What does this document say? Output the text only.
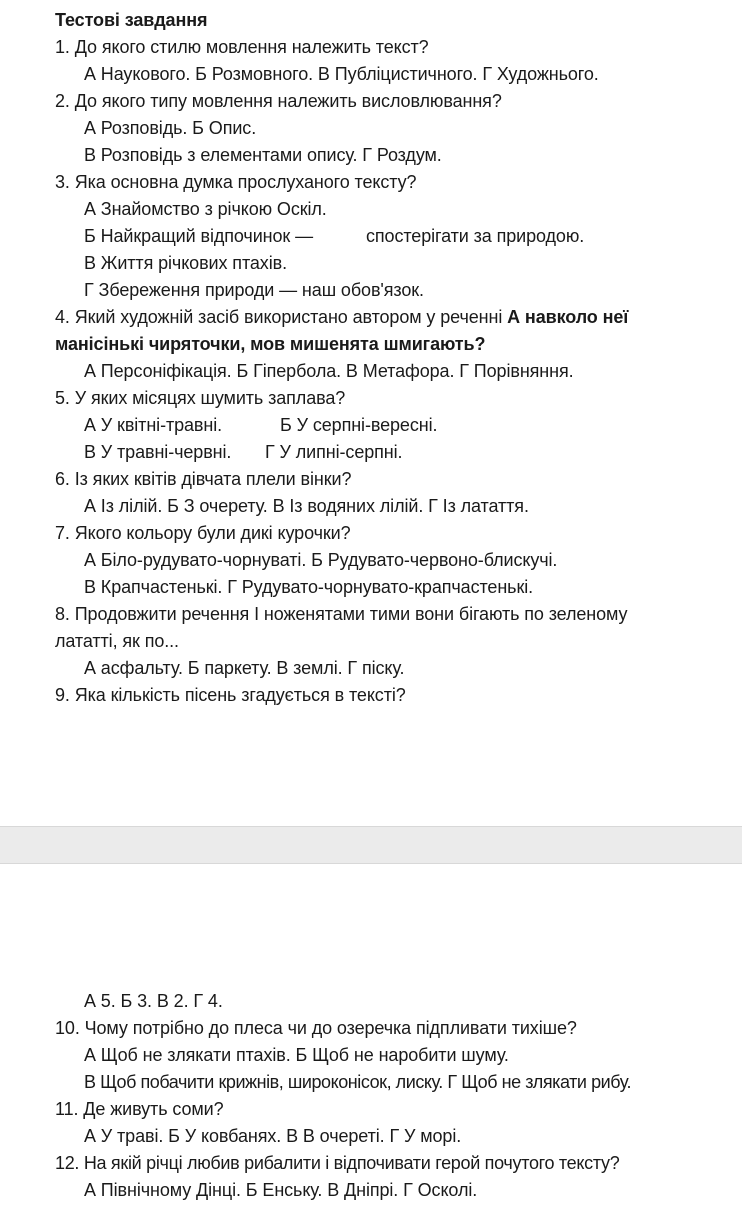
Тестові завдання
1. До якого стилю мовлення належить текст?
А Наукового. Б Розмовного. В Публіцистичного. Г Художнього.
2. До якого типу мовлення належить висловлювання?
А Розповідь. Б Опис.
В Розповідь з елементами опису. Г Роздум.
3. Яка основна думка прослуханого тексту?
А Знайомство з річкою Оскіл.
Б Найкращий відпочинок —	спостерігати за природою.
В Життя річкових птахів.
Г Збереження природи — наш обов'язок.
4. Який художній засіб використано автором у реченні А навколо неї
манісінькі чиряточки, мов мишенята шмигають?
А Персоніфікація. Б Гіпербола. В Метафора. Г Порівняння.
5. У яких місяцях шумить заплава?
А У квітні-травні.	Б У серпні-вересні.
В У травні-червні. Г У липні-серпні.
6. Із яких квітів дівчата плели вінки?
А Із лілій. Б З очерету. В Із водяних лілій. Г Із латаття.
7. Якого кольору були дикі курочки?
А Біло-рудувато-чорнуваті. Б Рудувато-червоно-блискучі.
В Крапчастенькі. Г Рудувато-чорнувато-крапчастенькі.
8. Продовжити речення І ноженятами тими вони бігають по зеленому
лататті, як по...
А асфальту. Б паркету. В землі. Г піску.
9. Яка кількість пісень згадується в тексті?
А 5. Б 3. В 2. Г 4.
10. Чому потрібно до плеса чи до озеречка підпливати тихіше?
А Щоб не злякати птахів. Б Щоб не наробити шуму.
В Щоб побачити крижнів, широконісок, лиску. Г Щоб не злякати рибу.
11. Де живуть соми?
А У траві. Б У ковбанях. В В очереті. Г У морі.
12. На якій річці любив рибалити і відпочивати герой почутого тексту?
А Північному Дінці. Б Енську. В Дніпрі. Г Осколі.
